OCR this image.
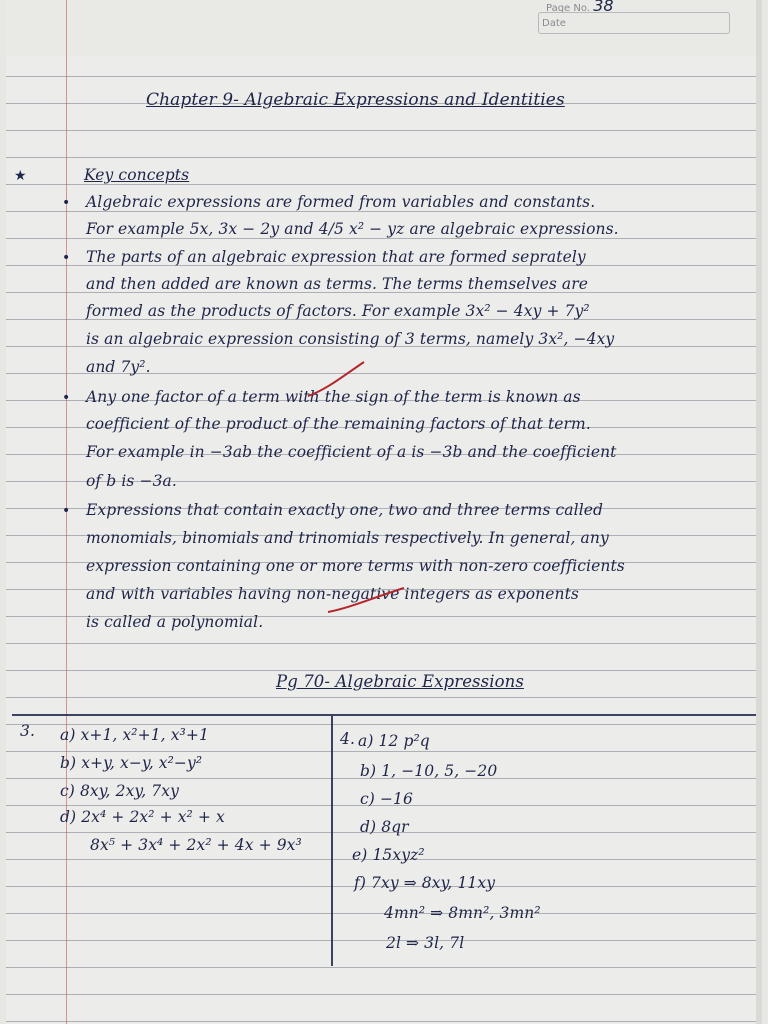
Page No. 38
Date
Chapter 9- Algebraic Expressions and Identities
★	Key concepts
• Algebraic expressions are formed from variables and constants.
For example 5x, 3x − 2y and 4/5 x² − yz are algebraic expressions.
• The parts of an algebraic expression that are formed seprately
and then added are known as terms. The terms themselves are
formed as the products of factors. For example 3x² − 4xy + 7y²
is an algebraic expression consisting of 3 terms, namely 3x², −4xy
and 7y².
• Any one factor of a term with the sign of the term is known as
coefficient of the product of the remaining factors of that term.
For example in −3ab the coefficient of a is −3b and the coefficient
of b is −3a.
• Expressions that contain exactly one, two and three terms called
monomials, binomials and trinomials respectively. In general, any
expression containing one or more terms with non-zero coefficients
and with variables having non-negative integers as exponents
is called a polynomial.
Pg 70- Algebraic Expressions
3. a) x+1, x²+1, x³+1
b) x+y, x−y, x²−y²
c) 8xy, 2xy, 7xy
d) 2x⁴ + 2x² + x² + x
8x⁵ + 3x⁴ + 2x² + 4x + 9x³
4. a) 12 p²q
b) 1, −10, 5, −20
c) −16
d) 8qr
e) 15xyz²
f) 7xy ⇒ 8xy, 11xy
4mn² ⇒ 8mn², 3mn²
2l ⇒ 3l, 7l
